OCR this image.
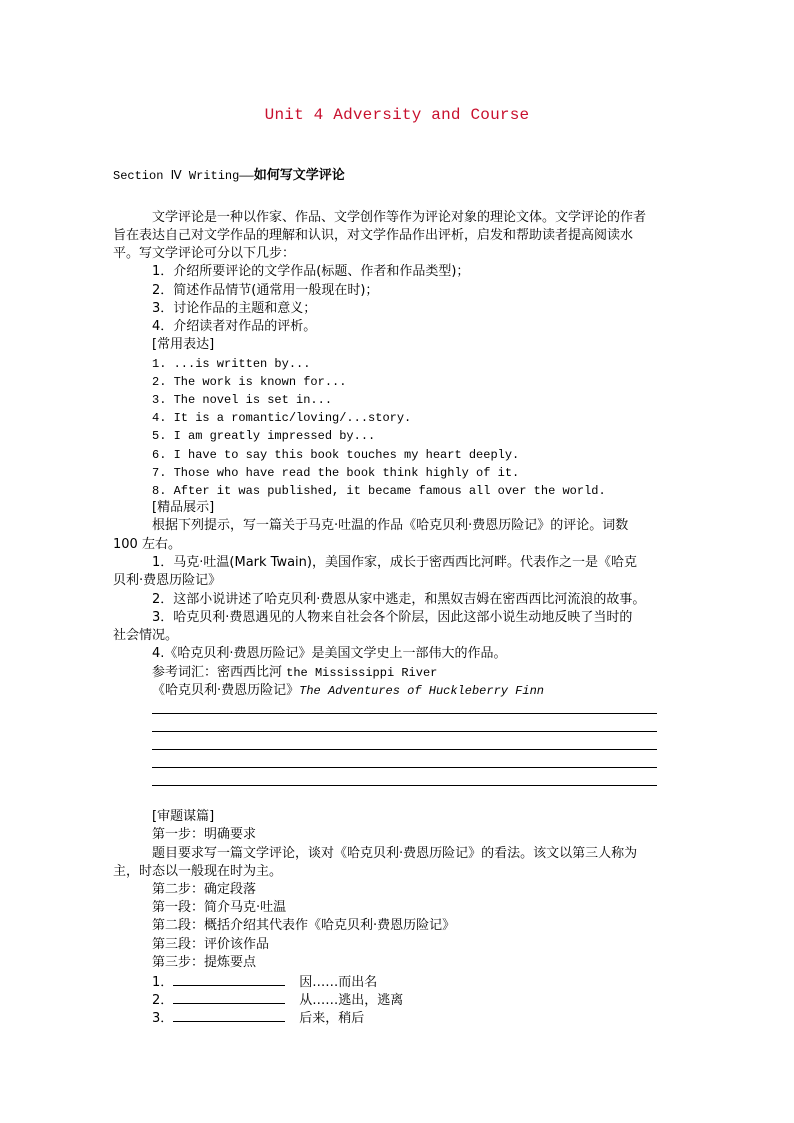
Unit 4 Adversity and Course
Section Ⅳ Writing——如何写文学评论
文学评论是一种以作家、作品、文学创作等作为评论对象的理论文体。文学评论的作者
旨在表达自己对文学作品的理解和认识，对文学作品作出评析，启发和帮助读者提高阅读水
平。写文学评论可分以下几步：
1．介绍所要评论的文学作品(标题、作者和作品类型)；
2．简述作品情节(通常用一般现在时)；
3．讨论作品的主题和意义；
4．介绍读者对作品的评析。
[常用表达]
1. ...is written by...
2. The work is known for...
3. The novel is set in...
4. It is a romantic/loving/...story.
5. I am greatly impressed by...
6. I have to say this book touches my heart deeply.
7. Those who have read the book think highly of it.
8. After it was published, it became famous all over the world.
[精品展示]
根据下列提示，写一篇关于马克·吐温的作品《哈克贝利·费恩历险记》的评论。词数
100 左右。
1．马克·吐温(Mark Twain)，美国作家，成长于密西西比河畔。代表作之一是《哈克
贝利·费恩历险记》
2．这部小说讲述了哈克贝利·费恩从家中逃走，和黑奴吉姆在密西西比河流浪的故事。
3．哈克贝利·费恩遇见的人物来自社会各个阶层，因此这部小说生动地反映了当时的
社会情况。
4.《哈克贝利·费恩历险记》是美国文学史上一部伟大的作品。
参考词汇：密西西比河 the Mississippi River
《哈克贝利·费恩历险记》The Adventures of Huckleberry Finn
[审题谋篇]
第一步：明确要求
题目要求写一篇文学评论，谈对《哈克贝利·费恩历险记》的看法。该文以第三人称为
主，时态以一般现在时为主。
第二步：确定段落
第一段：简介马克·吐温
第二段：概括介绍其代表作《哈克贝利·费恩历险记》
第三段：评价该作品
第三步：提炼要点
1．	因……而出名
2．	从……逃出，逃离
3．	后来，稍后
